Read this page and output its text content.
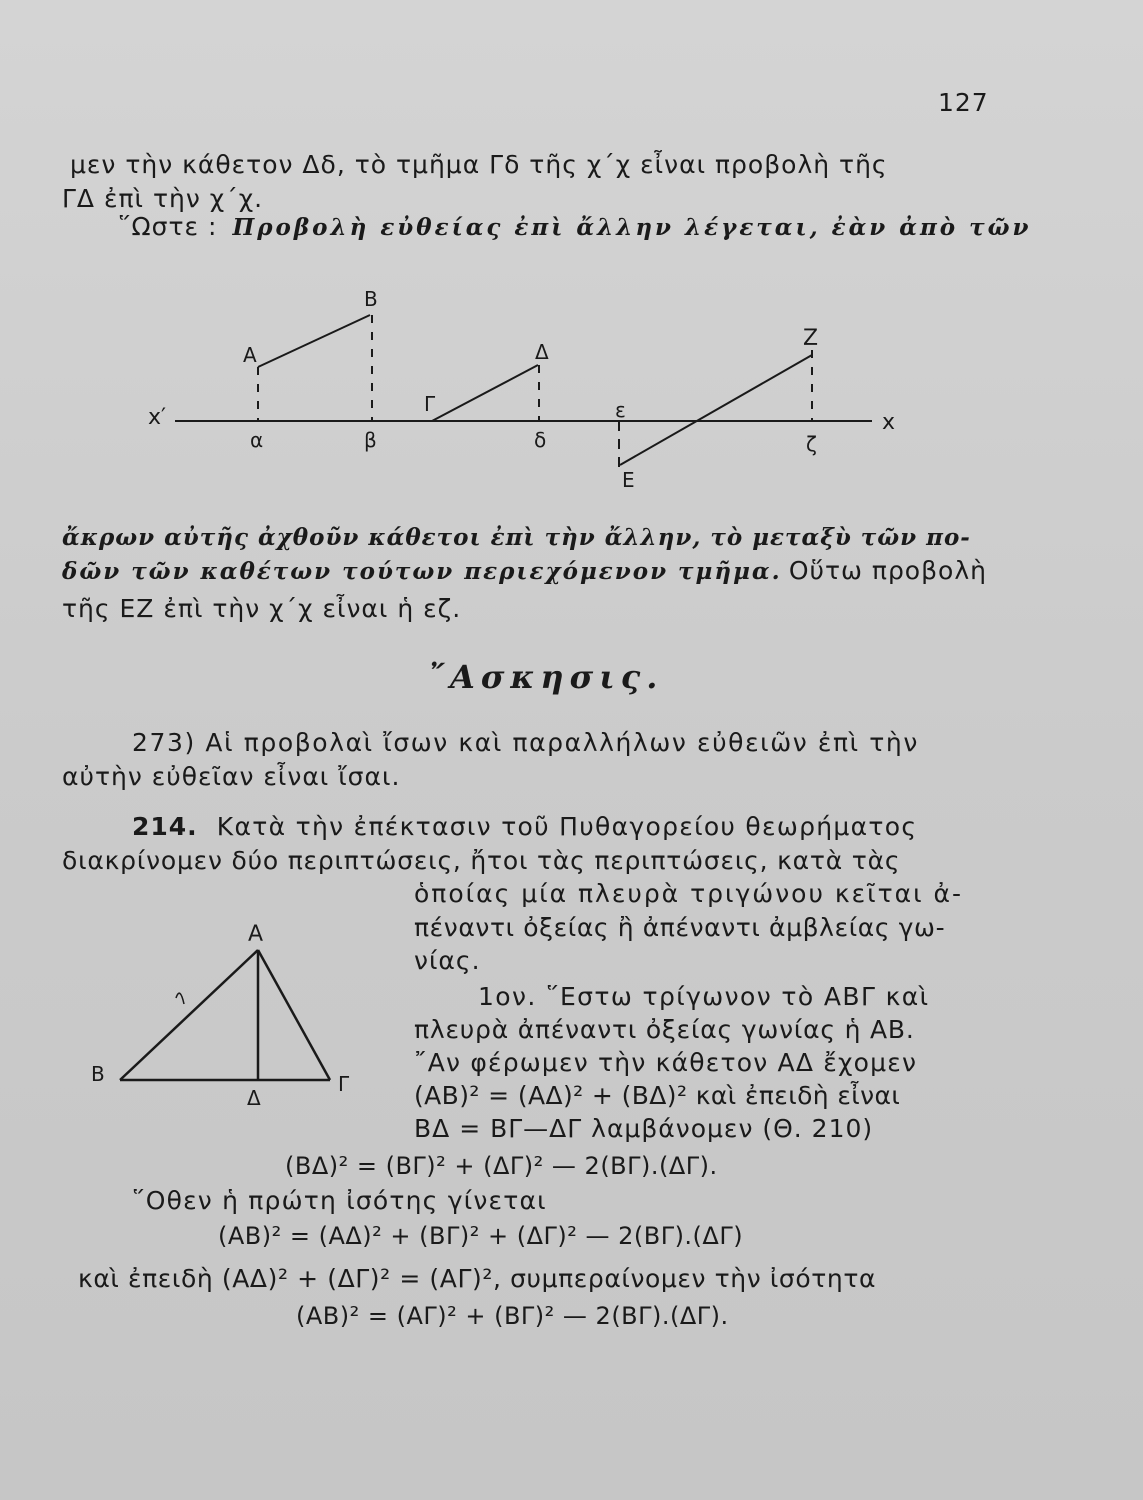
127
μεν τὴν κάθετον Δδ, τὸ τμῆμα Γδ τῆς χ΄χ εἶναι προβολὴ τῆς
ΓΔ ἐπὶ τὴν χ΄χ.
῞Ωστε : Προβολὴ εὐθείας ἐπὶ ἄλλην λέγεται, ἐὰν ἀπὸ τῶν
x′	x
Α
Β
Γ
Δ
Ζ
ε
Ε
α	β	δ	ζ
ἄκρων αὐτῆς ἀχθοῦν κάθετοι ἐπὶ τὴν ἄλλην, τὸ μεταξὺ τῶν πο-
δῶν τῶν καθέτων τούτων περιεχόμενον τμῆμα. Οὕτω προβολὴ
τῆς ΕΖ ἐπὶ τὴν χ΄χ εἶναι ἡ εζ.
῎Ασκησις.
273) Αἱ προβολαὶ ἴσων καὶ παραλλήλων εὐθειῶν ἐπὶ τὴν
αὐτὴν εὐθεῖαν εἶναι ἴσαι.
214. Κατὰ τὴν ἐπέκτασιν τοῦ Πυθαγορείου θεωρήματος
διακρίνομεν δύο περιπτώσεις, ἤτοι τὰς περιπτώσεις, κατὰ τὰς
ὁποίας μία πλευρὰ τριγώνου κεῖται ἀ-
πέναντι ὀξείας ἢ ἀπέναντι ἀμβλείας γω-
νίας.
1ον. ῞Εστω τρίγωνον τὸ ΑΒΓ καὶ
πλευρὰ ἀπέναντι ὀξείας γωνίας ἡ ΑΒ.
῎Αν φέρωμεν τὴν κάθετον ΑΔ ἔχομεν
(ΑΒ)² = (ΑΔ)² + (ΒΔ)² καὶ ἐπειδὴ εἶναι
ΒΔ = ΒΓ—ΔΓ λαμβάνομεν (Θ. 210)
Α
Β	Γ
Δ
(ΒΔ)² = (ΒΓ)² + (ΔΓ)² — 2(ΒΓ).(ΔΓ).
῞Οθεν ἡ πρώτη ἰσότης γίνεται
(ΑΒ)² = (ΑΔ)² + (ΒΓ)² + (ΔΓ)² — 2(ΒΓ).(ΔΓ)
καὶ ἐπειδὴ (ΑΔ)² + (ΔΓ)² = (ΑΓ)², συμπεραίνομεν τὴν ἰσότητα
(ΑΒ)² = (ΑΓ)² + (ΒΓ)² — 2(ΒΓ).(ΔΓ).
